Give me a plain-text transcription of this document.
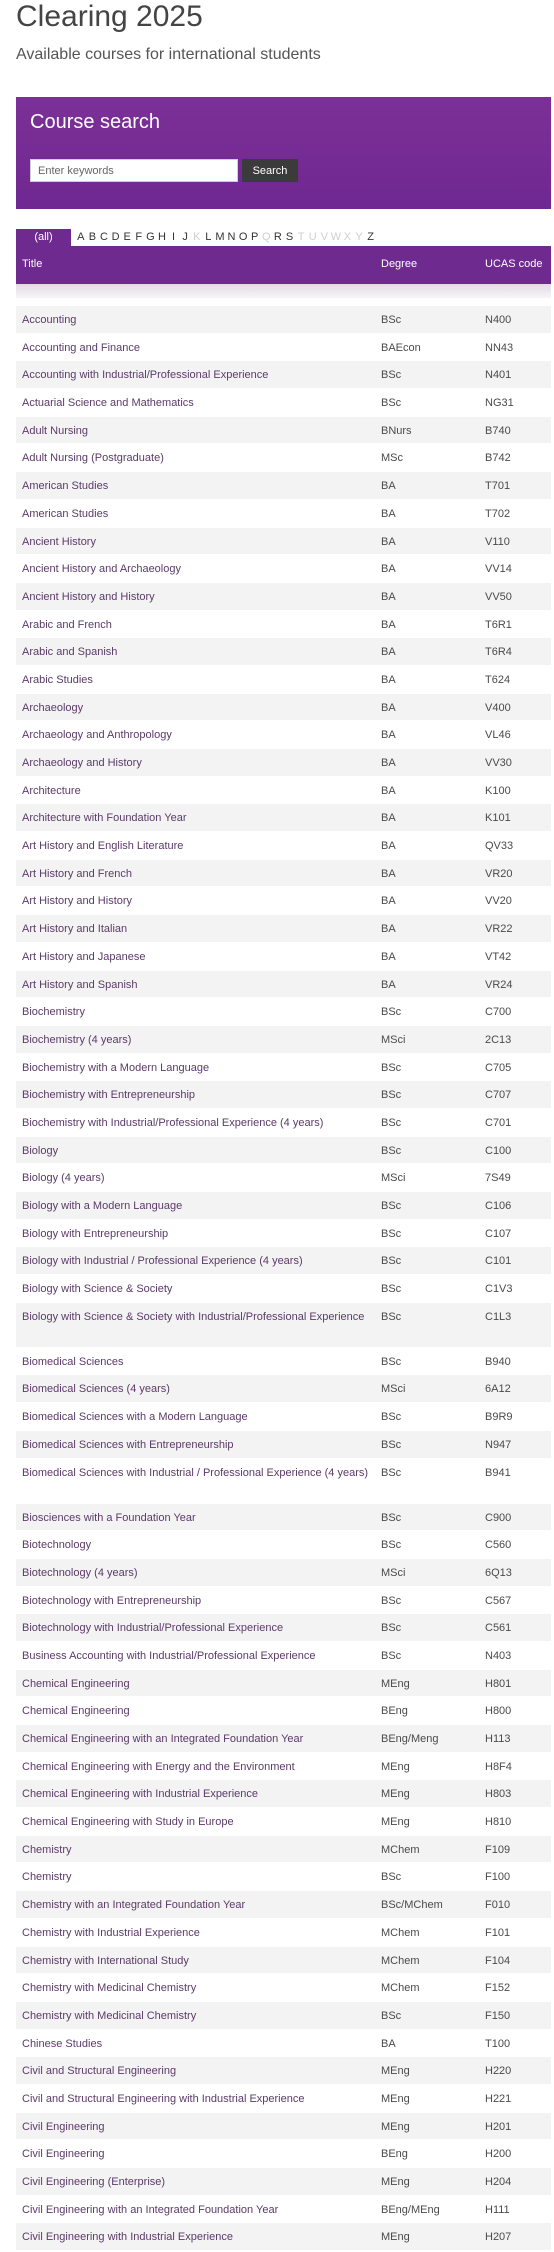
Clearing 2025
Available courses for international students
Course search
Enter keywords
Search
(all)	A B C D E F G H I J K L M N O P Q R S T U V W X Y Z
Title	Degree	UCAS code
Accounting	BSc	N400
Accounting and Finance	BAEcon	NN43
Accounting with Industrial/Professional Experience	BSc	N401
Actuarial Science and Mathematics	BSc	NG31
Adult Nursing	BNurs	B740
Adult Nursing (Postgraduate)	MSc	B742
American Studies	BA	T701
American Studies	BA	T702
Ancient History	BA	V110
Ancient History and Archaeology	BA	VV14
Ancient History and History	BA	VV50
Arabic and French	BA	T6R1
Arabic and Spanish	BA	T6R4
Arabic Studies	BA	T624
Archaeology	BA	V400
Archaeology and Anthropology	BA	VL46
Archaeology and History	BA	VV30
Architecture	BA	K100
Architecture with Foundation Year	BA	K101
Art History and English Literature	BA	QV33
Art History and French	BA	VR20
Art History and History	BA	VV20
Art History and Italian	BA	VR22
Art History and Japanese	BA	VT42
Art History and Spanish	BA	VR24
Biochemistry	BSc	C700
Biochemistry (4 years)	MSci	2C13
Biochemistry with a Modern Language	BSc	C705
Biochemistry with Entrepreneurship	BSc	C707
Biochemistry with Industrial/Professional Experience (4 years)	BSc	C701
Biology	BSc	C100
Biology (4 years)	MSci	7S49
Biology with a Modern Language	BSc	C106
Biology with Entrepreneurship	BSc	C107
Biology with Industrial / Professional Experience (4 years)	BSc	C101
Biology with Science & Society	BSc	C1V3
Biology with Science & Society with Industrial/Professional Experience	BSc	C1L3
Biomedical Sciences	BSc	B940
Biomedical Sciences (4 years)	MSci	6A12
Biomedical Sciences with a Modern Language	BSc	B9R9
Biomedical Sciences with Entrepreneurship	BSc	N947
Biomedical Sciences with Industrial / Professional Experience (4 years)	BSc	B941
Biosciences with a Foundation Year	BSc	C900
Biotechnology	BSc	C560
Biotechnology (4 years)	MSci	6Q13
Biotechnology with Entrepreneurship	BSc	C567
Biotechnology with Industrial/Professional Experience	BSc	C561
Business Accounting with Industrial/Professional Experience	BSc	N403
Chemical Engineering	MEng	H801
Chemical Engineering	BEng	H800
Chemical Engineering with an Integrated Foundation Year	BEng/Meng	H113
Chemical Engineering with Energy and the Environment	MEng	H8F4
Chemical Engineering with Industrial Experience	MEng	H803
Chemical Engineering with Study in Europe	MEng	H810
Chemistry	MChem	F109
Chemistry	BSc	F100
Chemistry with an Integrated Foundation Year	BSc/MChem	F010
Chemistry with Industrial Experience	MChem	F101
Chemistry with International Study	MChem	F104
Chemistry with Medicinal Chemistry	MChem	F152
Chemistry with Medicinal Chemistry	BSc	F150
Chinese Studies	BA	T100
Civil and Structural Engineering	MEng	H220
Civil and Structural Engineering with Industrial Experience	MEng	H221
Civil Engineering	MEng	H201
Civil Engineering	BEng	H200
Civil Engineering (Enterprise)	MEng	H204
Civil Engineering with an Integrated Foundation Year	BEng/MEng	H111
Civil Engineering with Industrial Experience	MEng	H207
